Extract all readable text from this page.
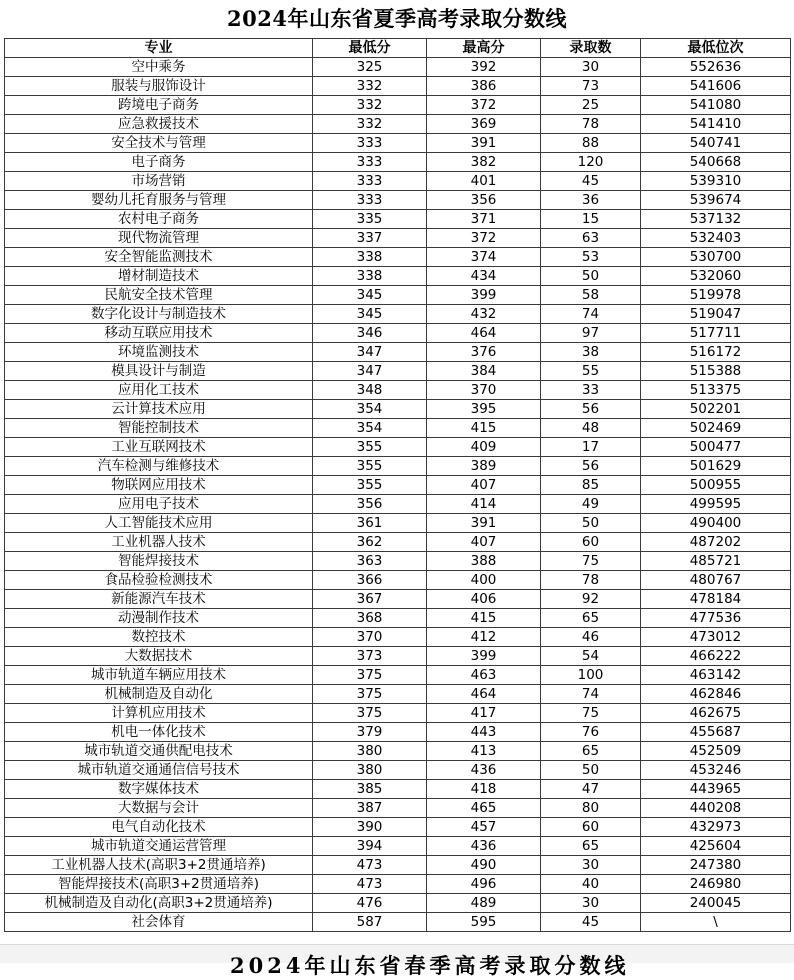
2024年山东省夏季高考录取分数线
专业	最低分	最高分	录取数	最低位次
空中乘务	325	392	30	552636
服装与服饰设计	332	386	73	541606
跨境电子商务	332	372	25	541080
应急救援技术	332	369	78	541410
安全技术与管理	333	391	88	540741
电子商务	333	382	120	540668
市场营销	333	401	45	539310
婴幼儿托育服务与管理	333	356	36	539674
农村电子商务	335	371	15	537132
现代物流管理	337	372	63	532403
安全智能监测技术	338	374	53	530700
增材制造技术	338	434	50	532060
民航安全技术管理	345	399	58	519978
数字化设计与制造技术	345	432	74	519047
移动互联应用技术	346	464	97	517711
环境监测技术	347	376	38	516172
模具设计与制造	347	384	55	515388
应用化工技术	348	370	33	513375
云计算技术应用	354	395	56	502201
智能控制技术	354	415	48	502469
工业互联网技术	355	409	17	500477
汽车检测与维修技术	355	389	56	501629
物联网应用技术	355	407	85	500955
应用电子技术	356	414	49	499595
人工智能技术应用	361	391	50	490400
工业机器人技术	362	407	60	487202
智能焊接技术	363	388	75	485721
食品检验检测技术	366	400	78	480767
新能源汽车技术	367	406	92	478184
动漫制作技术	368	415	65	477536
数控技术	370	412	46	473012
大数据技术	373	399	54	466222
城市轨道车辆应用技术	375	463	100	463142
机械制造及自动化	375	464	74	462846
计算机应用技术	375	417	75	462675
机电一体化技术	379	443	76	455687
城市轨道交通供配电技术	380	413	65	452509
城市轨道交通通信信号技术	380	436	50	453246
数字媒体技术	385	418	47	443965
大数据与会计	387	465	80	440208
电气自动化技术	390	457	60	432973
城市轨道交通运营管理	394	436	65	425604
工业机器人技术(高职3+2贯通培养)	473	490	30	247380
智能焊接技术(高职3+2贯通培养)	473	496	40	246980
机械制造及自动化(高职3+2贯通培养)	476	489	30	240045
社会体育	587	595	45	\
2024年山东省春季高考录取分数线
